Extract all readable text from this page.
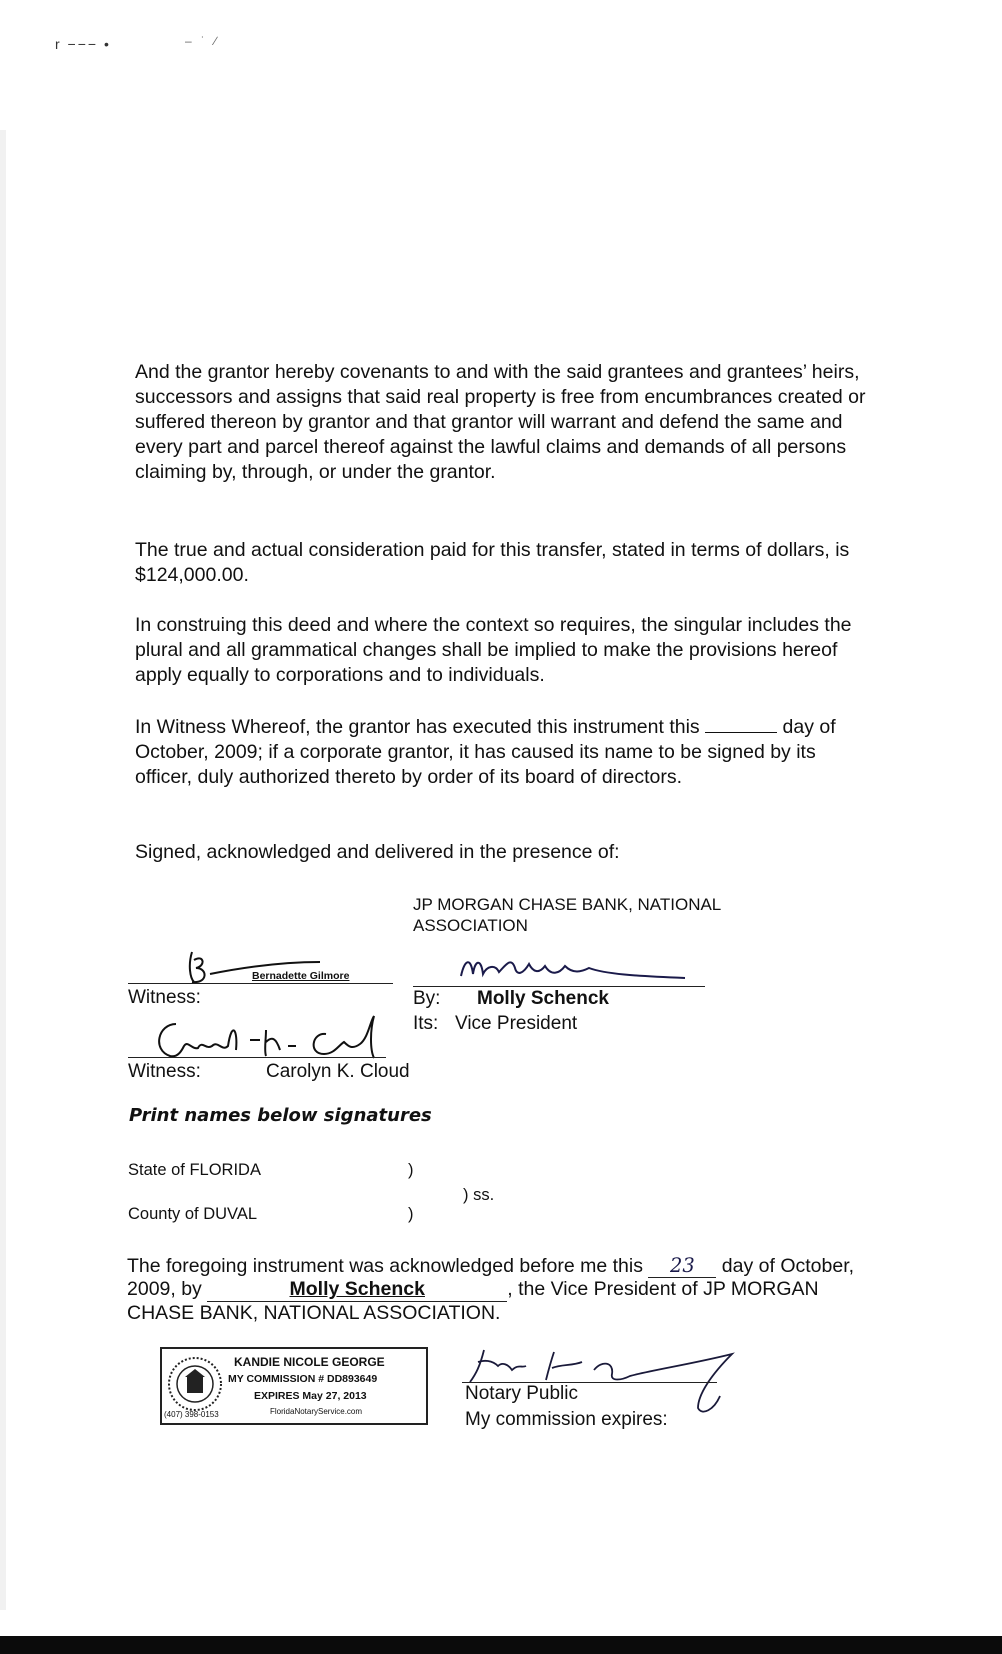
r −−− •	– ˙ ∕

And the grantor hereby covenants to and with the said grantees and grantees’ heirs, successors and assigns that said real property is free from encumbrances created or suffered thereon by grantor and that grantor will warrant and defend the same and every part and parcel thereof against the lawful claims and demands of all persons claiming by, through, or under the grantor.

The true and actual consideration paid for this transfer, stated in terms of dollars, is $124,000.00.

In construing this deed and where the context so requires, the singular includes the plural and all grammatical changes shall be implied to make the provisions hereof apply equally to corporations and to individuals.

In Witness Whereof, the grantor has executed this instrument this	day of October, 2009; if a corporate grantor, it has caused its name to be signed by its officer, duly authorized thereto by order of its board of directors.

Signed, acknowledged and delivered in the presence of:

JP MORGAN CHASE BANK, NATIONAL ASSOCIATION

Bernadette Gilmore
Witness:	By: Molly Schenck
Its: Vice President
Witness:	Carolyn K. Cloud

Print names below signatures

State of FLORIDA	)
) ss.
County of DUVAL	)

The foregoing instrument was acknowledged before me this 23 day of October, 2009, by	Molly Schenck	, the Vice President of JP MORGAN CHASE BANK, NATIONAL ASSOCIATION.

KANDIE NICOLE GEORGE
MY COMMISSION # DD893649
EXPIRES May 27, 2013
(407) 398-0153	FloridaNotaryService.com
Notary Public
My commission expires:
